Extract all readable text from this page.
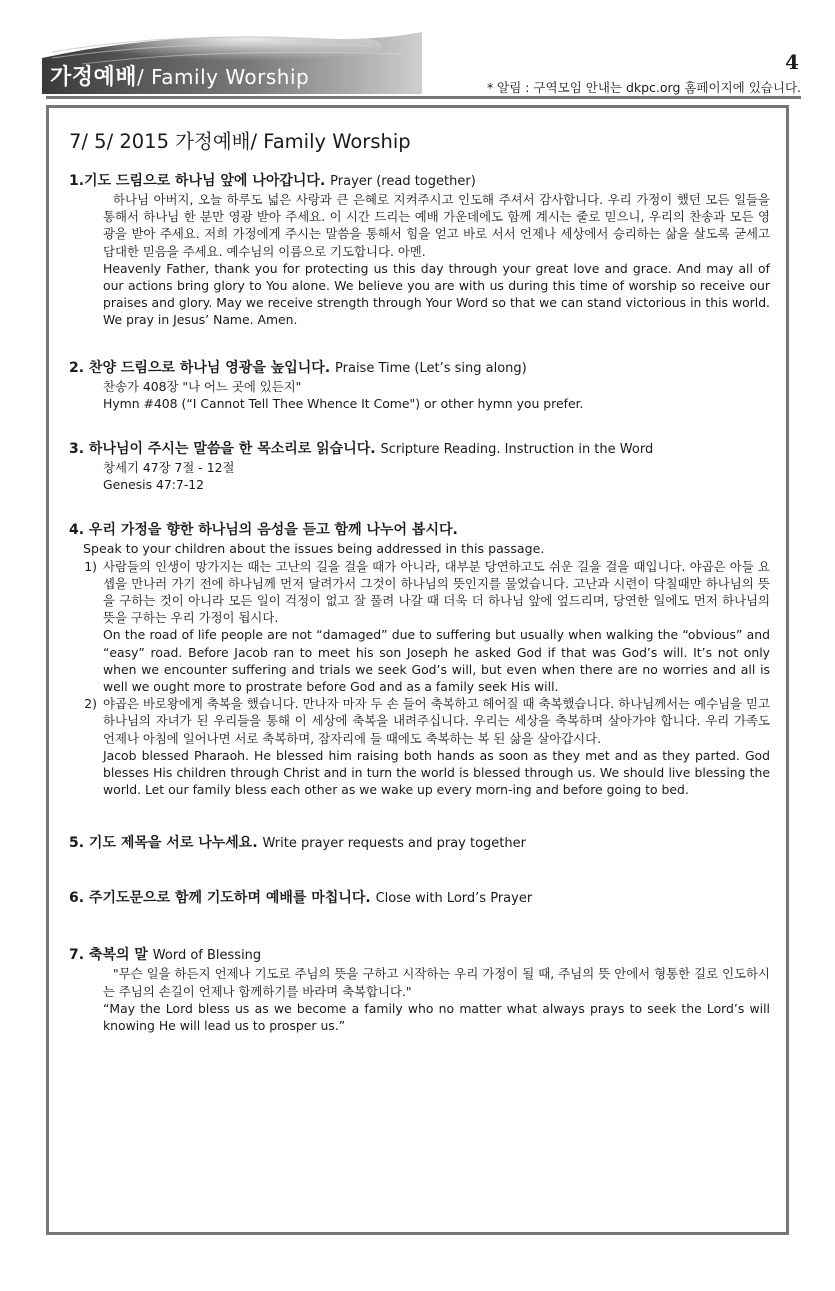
가정예배/ Family Worship
4
* 알림 : 구역모임 안내는 dkpc.org 홈페이지에 있습니다.
7/ 5/ 2015 가정예배/ Family Worship
1.기도 드림으로 하나님 앞에 나아갑니다. Prayer (read together)
하나님 아버지, 오늘 하루도 넓은 사랑과 큰 은혜로 지켜주시고 인도해 주셔서 감사합니다. 우리 가정이 했던 모든 일들을 통해서 하나님 한 분만 영광 받아 주세요. 이 시간 드리는 예배 가운데에도 함께 계시는 줄로 믿으니, 우리의 찬송과 모든 영광을 받아 주세요. 저희 가정에게 주시는 말씀을 통해서 힘을 얻고 바로 서서 언제나 세상에서 승리하는 삶을 살도록 굳세고 담대한 믿음을 주세요. 예수님의 이름으로 기도합니다. 아멘.
Heavenly Father, thank you for protecting us this day through your great love and grace. And may all of our actions bring glory to You alone. We believe you are with us during this time of worship so receive our praises and glory. May we receive strength through Your Word so that we can stand victorious in this world. We pray in Jesus’ Name. Amen.
2. 찬양 드림으로 하나님 영광을 높입니다. Praise Time (Let’s sing along)
찬송가 408장 "나 어느 곳에 있든지"
Hymn #408 (“I Cannot Tell Thee Whence It Come") or other hymn you prefer.
3. 하나님이 주시는 말씀을 한 목소리로 읽습니다. Scripture Reading. Instruction in the Word
창세기 47장 7절 - 12절
Genesis 47:7-12
4. 우리 가정을 향한 하나님의 음성을 듣고 함께 나누어 봅시다.
Speak to your children about the issues being addressed in this passage.
1) 사람들의 인생이 망가지는 때는 고난의 길을 걸을 때가 아니라, 대부분 당연하고도 쉬운 길을 걸을 때입니다. 야곱은 아들 요셉을 만나러 가기 전에 하나님께 먼저 달려가서 그것이 하나님의 뜻인지를 물었습니다. 고난과 시련이 닥칠때만 하나님의 뜻을 구하는 것이 아니라 모든 일이 걱정이 없고 잘 풀려 나갈 때 더욱 더 하나님 앞에 엎드리며, 당연한 일에도 먼저 하나님의 뜻을 구하는 우리 가정이 됩시다.
On the road of life people are not “damaged” due to suffering but usually when walking the “obvious” and “easy” road. Before Jacob ran to meet his son Joseph he asked God if that was God’s will. It’s not only when we encounter suffering and trials we seek God’s will, but even when there are no worries and all is well we ought more to prostrate before God and as a family seek His will.
2) 야곱은 바로왕에게 축복을 했습니다. 만나자 마자 두 손 들어 축복하고 헤어질 때 축복했습니다. 하나님께서는 예수님을 믿고 하나님의 자녀가 된 우리들을 통해 이 세상에 축복을 내려주십니다. 우리는 세상을 축복하며 살아가야 합니다. 우리 가족도 언제나 아침에 일어나면 서로 축복하며, 잠자리에 들 때에도 축복하는 복 된 삶을 살아갑시다.
Jacob blessed Pharaoh. He blessed him raising both hands as soon as they met and as they parted. God blesses His children through Christ and in turn the world is blessed through us. We should live blessing the world. Let our family bless each other as we wake up every morn-ing and before going to bed.
5. 기도 제목을 서로 나누세요. Write prayer requests and pray together
6. 주기도문으로 함께 기도하며 예배를 마칩니다. Close with Lord’s Prayer
7. 축복의 말 Word of Blessing
"무슨 일을 하든지 언제나 기도로 주님의 뜻을 구하고 시작하는 우리 가정이 될 때, 주님의 뜻 안에서 형통한 길로 인도하시는 주님의 손길이 언제나 함께하기를 바라며 축복합니다."
“May the Lord bless us as we become a family who no matter what always prays to seek the Lord’s will knowing He will lead us to prosper us.”
